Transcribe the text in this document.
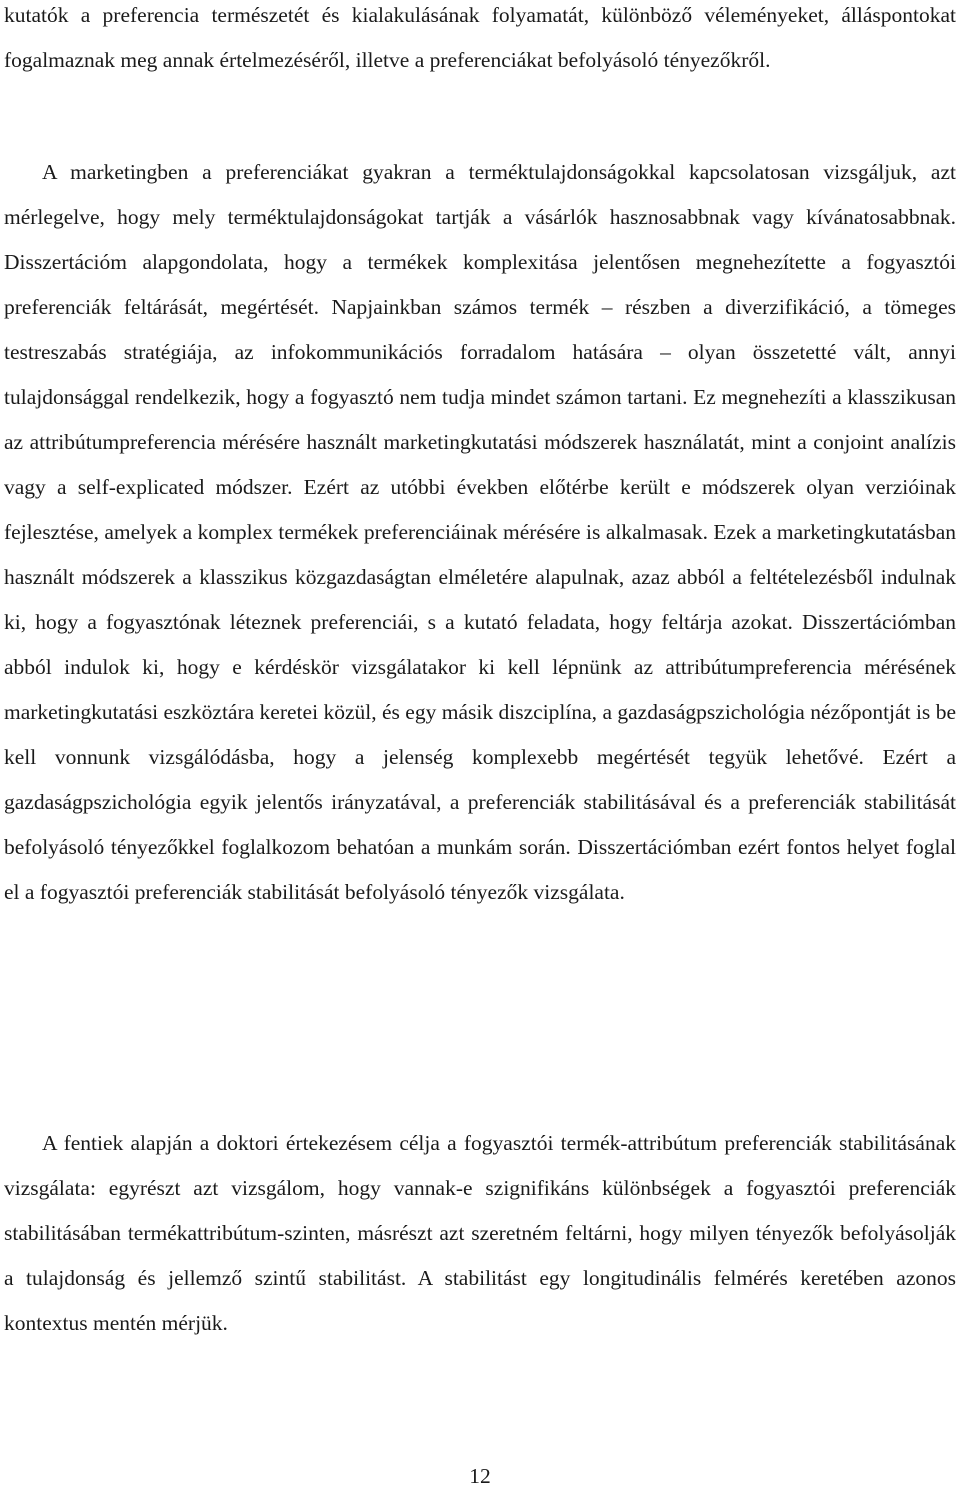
kutatók a preferencia természetét és kialakulásának folyamatát, különböző véleményeket, álláspontokat fogalmaznak meg annak értelmezéséről, illetve a preferenciákat befolyásoló tényezőkről.

A marketingben a preferenciákat gyakran a terméktulajdonságokkal kapcsolatosan vizsgáljuk, azt mérlegelve, hogy mely terméktulajdonságokat tartják a vásárlók hasznosabbnak vagy kívánatosabbnak. Disszertációm alapgondolata, hogy a termékek komplexitása jelentősen megnehezítette a fogyasztói preferenciák feltárását, megértését. Napjainkban számos termék – részben a diverzifikáció, a tömeges testreszabás stratégiája, az infokommunikációs forradalom hatására – olyan összetetté vált, annyi tulajdonsággal rendelkezik, hogy a fogyasztó nem tudja mindet számon tartani. Ez megnehezíti a klasszikusan az attribútumpreferencia mérésére használt marketingkutatási módszerek használatát, mint a conjoint analízis vagy a self-explicated módszer. Ezért az utóbbi években előtérbe került e módszerek olyan verzióinak fejlesztése, amelyek a komplex termékek preferenciáinak mérésére is alkalmasak. Ezek a marketingkutatásban használt módszerek a klasszikus közgazdaságtan elméletére alapulnak, azaz abból a feltételezésből indulnak ki, hogy a fogyasztónak léteznek preferenciái, s a kutató feladata, hogy feltárja azokat. Disszertációmban abból indulok ki, hogy e kérdéskör vizsgálatakor ki kell lépnünk az attribútumpreferencia mérésének marketingkutatási eszköztára keretei közül, és egy másik diszciplína, a gazdaságpszichológia nézőpontját is be kell vonnunk vizsgálódásba, hogy a jelenség komplexebb megértését tegyük lehetővé. Ezért a gazdaságpszichológia egyik jelentős irányzatával, a preferenciák stabilitásával és a preferenciák stabilitását befolyásoló tényezőkkel foglalkozom behatóan a munkám során. Disszertációmban ezért fontos helyet foglal el a fogyasztói preferenciák stabilitását befolyásoló tényezők vizsgálata.

A fentiek alapján a doktori értekezésem célja a fogyasztói termék-attribútum preferenciák stabilitásának vizsgálata: egyrészt azt vizsgálom, hogy vannak-e szignifikáns különbségek a fogyasztói preferenciák stabilitásában termékattribútum-szinten, másrészt azt szeretném feltárni, hogy milyen tényezők befolyásolják a tulajdonság és jellemző szintű stabilitást. A stabilitást egy longitudinális felmérés keretében azonos kontextus mentén mérjük.

12
